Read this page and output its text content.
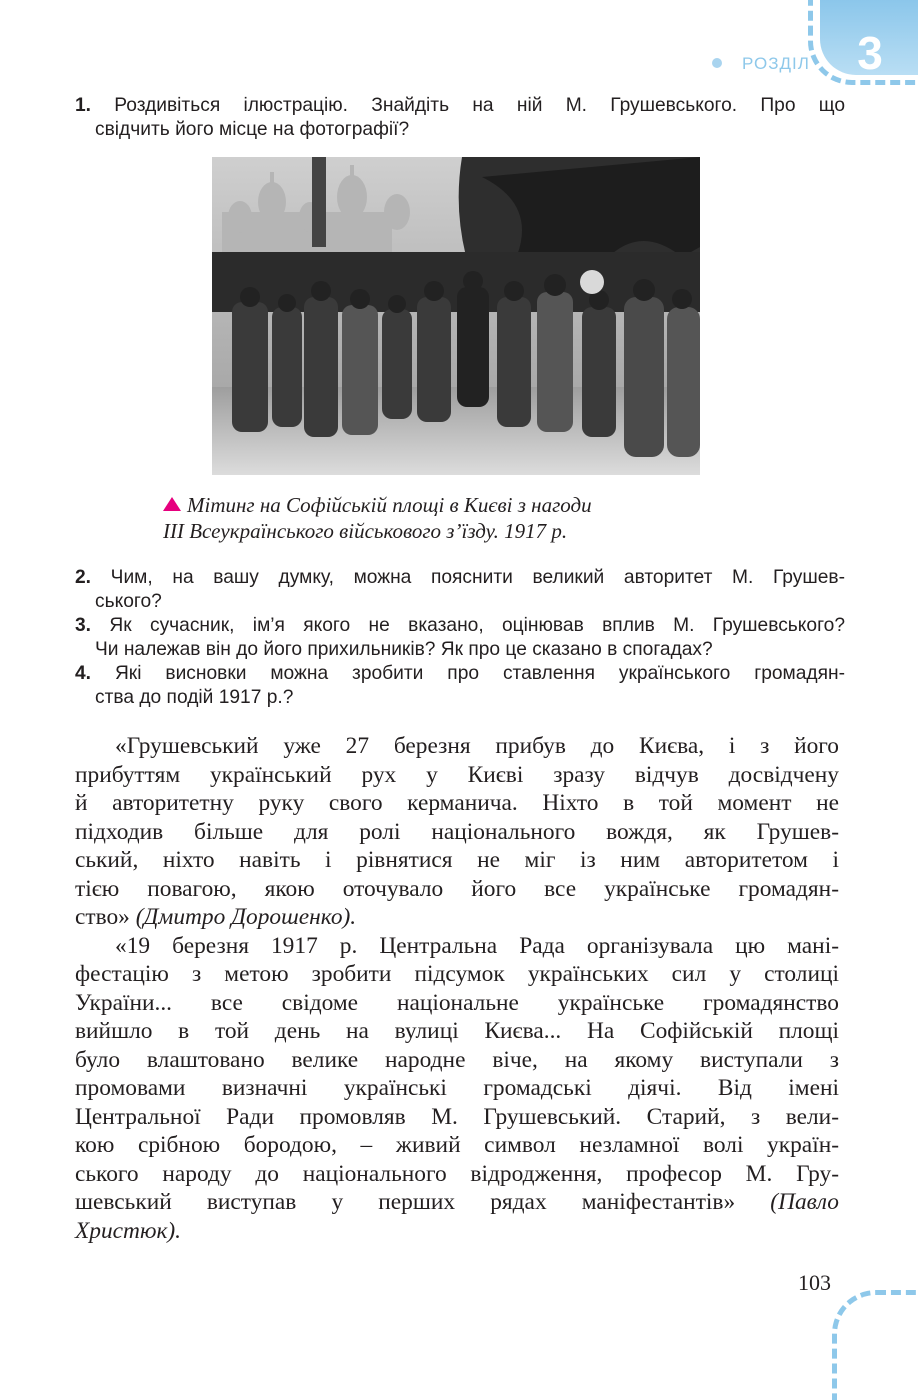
3
РОЗДІЛ
1. Роздивіться ілюстрацію. Знайдіть на ній М. Грушевського. Про що
свідчить його місце на фотографії?
Мітинг на Софійській площі в Києві з нагоди
ІІІ Всеукраїнського військового з’їзду. 1917 р.
2. Чим, на вашу думку, можна пояснити великий авторитет М. Грушев-
ського?
3. Як сучасник, ім’я якого не вказано, оцінював вплив М. Грушевського?
Чи належав він до його прихильників? Як про це сказано в спогадах?
4. Які висновки можна зробити про ставлення українського громадян-
ства до подій 1917 р.?
«Грушевський уже 27 березня прибув до Києва, і з його
прибуттям український рух у Києві зразу відчув досвідчену
й авторитетну руку свого керманича. Ніхто в той момент не
підходив більше для ролі національного вождя, як Грушев-
ський, ніхто навіть і рівнятися не міг із ним авторитетом і
тією повагою, якою оточувало його все українське громадян-
ство» (Дмитро Дорошенко).
«19 березня 1917 р. Центральна Рада організувала цю мані-
фестацію з метою зробити підсумок українських сил у столиці
України... все свідоме національне українське громадянство
вийшло в той день на вулиці Києва... На Софійській площі
було влаштовано велике народне віче, на якому виступали з
промовами визначні українські громадські діячі. Від імені
Центральної Ради промовляв М. Грушевський. Старий, з вели-
кою срібною бородою, – живий символ незламної волі україн-
ського народу до національного відродження, професор М. Гру-
шевський виступав у перших рядах маніфестантів» (Павло
Христюк).
103
